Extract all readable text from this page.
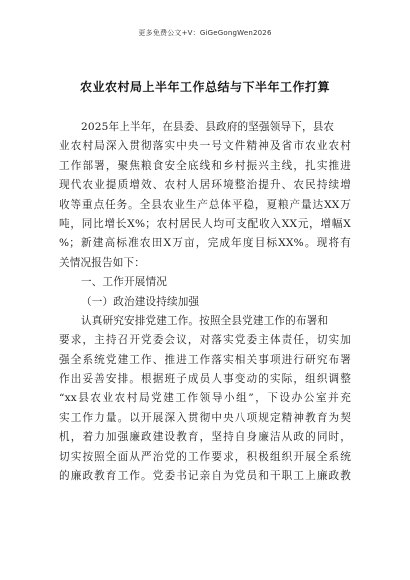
更多免费公文+V：GiGeGongWen2026
农业农村局上半年工作总结与下半年工作打算
2025年上半年，在县委、县政府的坚强领导下，县农
业农村局深入贯彻落实中央一号文件精神及省市农业农村
工作部署，聚焦粮食安全底线和乡村振兴主线，扎实推进
现代农业提质增效、农村人居环境整治提升、农民持续增
收等重点任务。全县农业生产总体平稳，夏粮产量达XX万
吨，同比增长X%；农村居民人均可支配收入XX元，增幅X
%；新建高标准农田X万亩，完成年度目标XX%。现将有
关情况报告如下：
一、工作开展情况
（一）政治建设持续加强
认真研究安排党建工作。按照全县党建工作的布署和
要求，主持召开党委会议，对落实党委主体责任，切实加
强全系统党建工作、推进工作落实相关事项进行研究布署
作出妥善安排。根据班子成员人事变动的实际，组织调整
“xx县农业农村局党建工作领导小组”，下设办公室并充
实工作力量。以开展深入贯彻中央八项规定精神教育为契
机，着力加强廉政建设教育，坚持自身廉洁从政的同时，
切实按照全面从严治党的工作要求，积极组织开展全系统
的廉政教育工作。党委书记亲自为党员和干职工上廉政教
